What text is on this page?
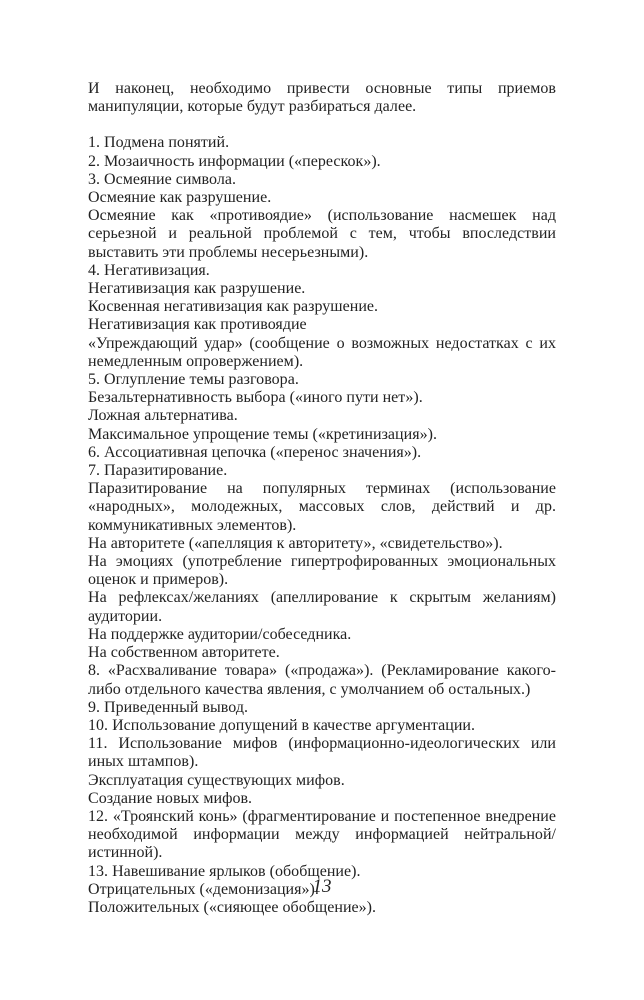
И наконец, необходимо привести основные типы приемов манипуляции, которые будут разбираться далее.

1. Подмена понятий.

2. Мозаичность информации («перескок»).

3. Осмеяние символа.

Осмеяние как разрушение.

Осмеяние как «противоядие» (использование насмешек над серьезной и реальной проблемой с тем, чтобы впоследствии выставить эти проблемы несерьезными).

4. Негативизация.

Негативизация как разрушение.

Косвенная негативизация как разрушение.

Негативизация как противоядие

«Упреждающий удар» (сообщение о возможных недостатках с их немедленным опровержением).

5. Оглупление темы разговора.

Безальтернативность выбора («иного пути нет»).

Ложная альтернатива.

Максимальное упрощение темы («кретинизация»).

6. Ассоциативная цепочка («перенос значения»).

7. Паразитирование.

Паразитирование на популярных терминах (использование «народных», молодежных, массовых слов, действий и др. коммуникативных элементов).

На авторитете («апелляция к авторитету», «свидетельство»).

На эмоциях (употребление гипертрофированных эмоциональных оценок и примеров).

На рефлексах/желаниях (апеллирование к скрытым желаниям) аудитории.

На поддержке аудитории/собеседника.

На собственном авторитете.

8. «Расхваливание товара» («продажа»). (Рекламирование какого-либо отдельного качества явления, с умолчанием об остальных.)

9. Приведенный вывод.

10. Использование допущений в качестве аргументации.

11. Использование мифов (информационно-идеологических или иных штампов).

Эксплуатация существующих мифов.

Создание новых мифов.

12. «Троянский конь» (фрагментирование и постепенное внедрение необходимой информации между информацией нейтральной/истинной).

13. Навешивание ярлыков (обобщение).

Отрицательных («демонизация»).

Положительных («сияющее обобщение»).

13
